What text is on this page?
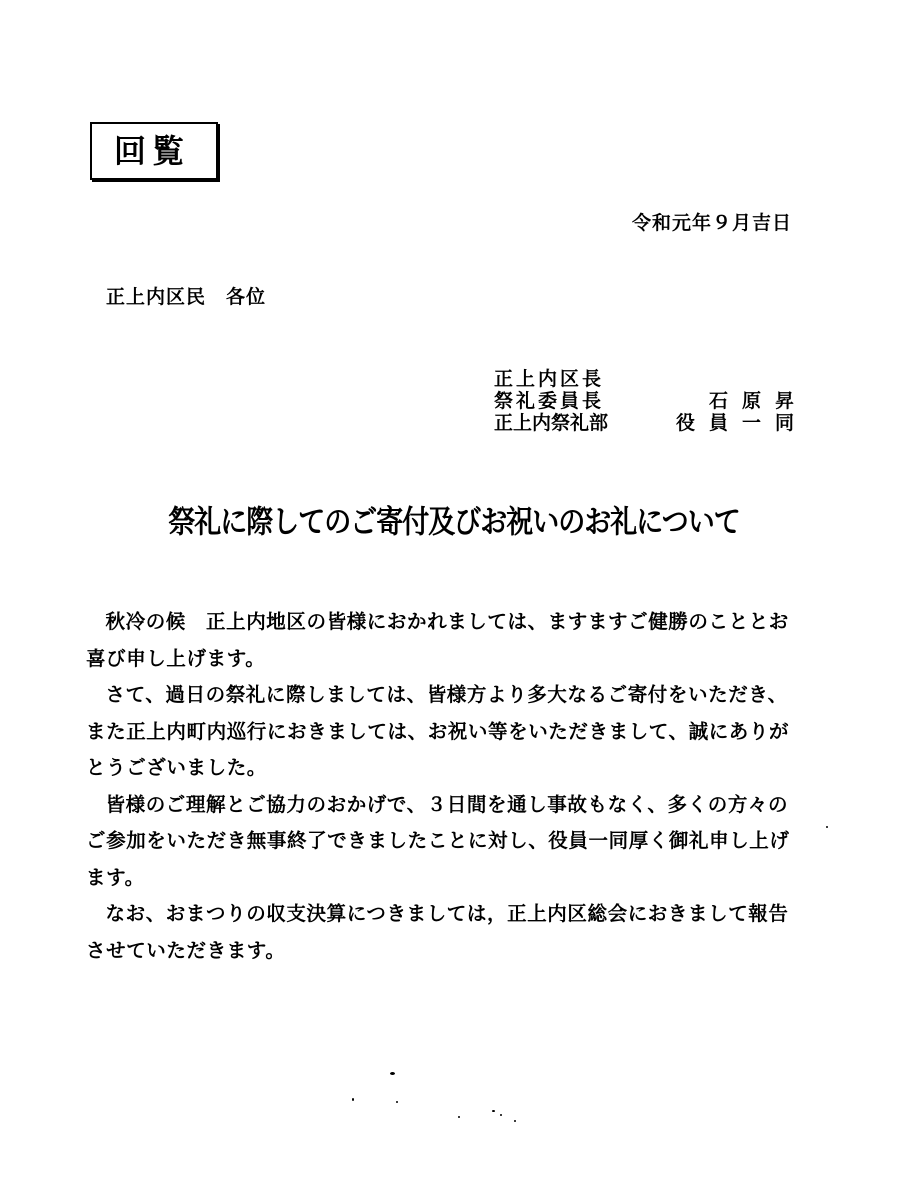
回覧
令和元年９月吉日
正上内区民　各位
正上内区長
祭礼委員長	石原昇
正上内祭礼部	役員一同
祭礼に際してのご寄付及びお祝いのお礼について

秋冷の候　正上内地区の皆様におかれましては、ますますご健勝のこととお喜び申し上げます。

さて、過日の祭礼に際しましては、皆様方より多大なるご寄付をいただき、また正上内町内巡行におきましては、お祝い等をいただきまして、誠にありがとうございました。

皆様のご理解とご協力のおかげで、３日間を通し事故もなく、多くの方々のご参加をいただき無事終了できましたことに対し、役員一同厚く御礼申し上げます。

なお、おまつりの収支決算につきましては，正上内区総会におきまして報告させていただきます。
